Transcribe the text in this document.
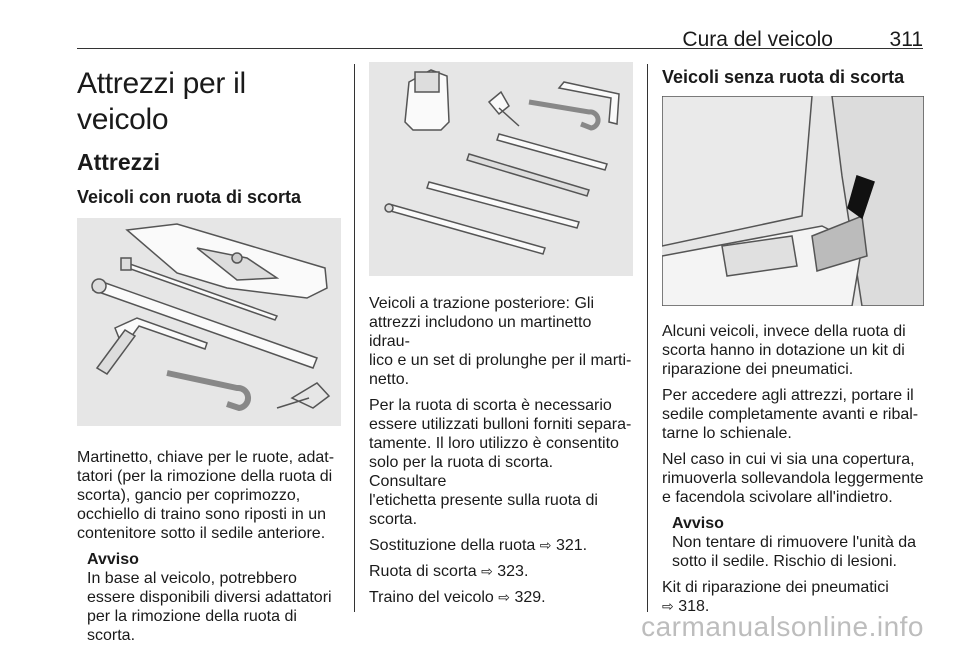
Cura del veicolo	311
Attrezzi per il veicolo
Attrezzi
Veicoli con ruota di scorta

Martinetto, chiave per le ruote, adat-
tatori (per la rimozione della ruota di
scorta), gancio per coprimozzo,
occhiello di traino sono riposti in un
contenitore sotto il sedile anteriore.

Avviso

In base al veicolo, potrebbero
essere disponibili diversi adattatori
per la rimozione della ruota di scorta.

Veicoli a trazione posteriore: Gli
attrezzi includono un martinetto idrau-
lico e un set di prolunghe per il marti-
netto.

Per la ruota di scorta è necessario
essere utilizzati bulloni forniti separa-
tamente. Il loro utilizzo è consentito
solo per la ruota di scorta. Consultare
l'etichetta presente sulla ruota di
scorta.

Sostituzione della ruota ⇨ 321.

Ruota di scorta ⇨ 323.

Traino del veicolo ⇨ 329.

Veicoli senza ruota di scorta

Alcuni veicoli, invece della ruota di
scorta hanno in dotazione un kit di
riparazione dei pneumatici.

Per accedere agli attrezzi, portare il
sedile completamente avanti e ribal-
tarne lo schienale.

Nel caso in cui vi sia una copertura,
rimuoverla sollevandola leggermente
e facendola scivolare all'indietro.

Avviso

Non tentare di rimuovere l'unità da
sotto il sedile. Rischio di lesioni.

Kit di riparazione dei pneumatici
⇨ 318.

carmanualsonline.info
